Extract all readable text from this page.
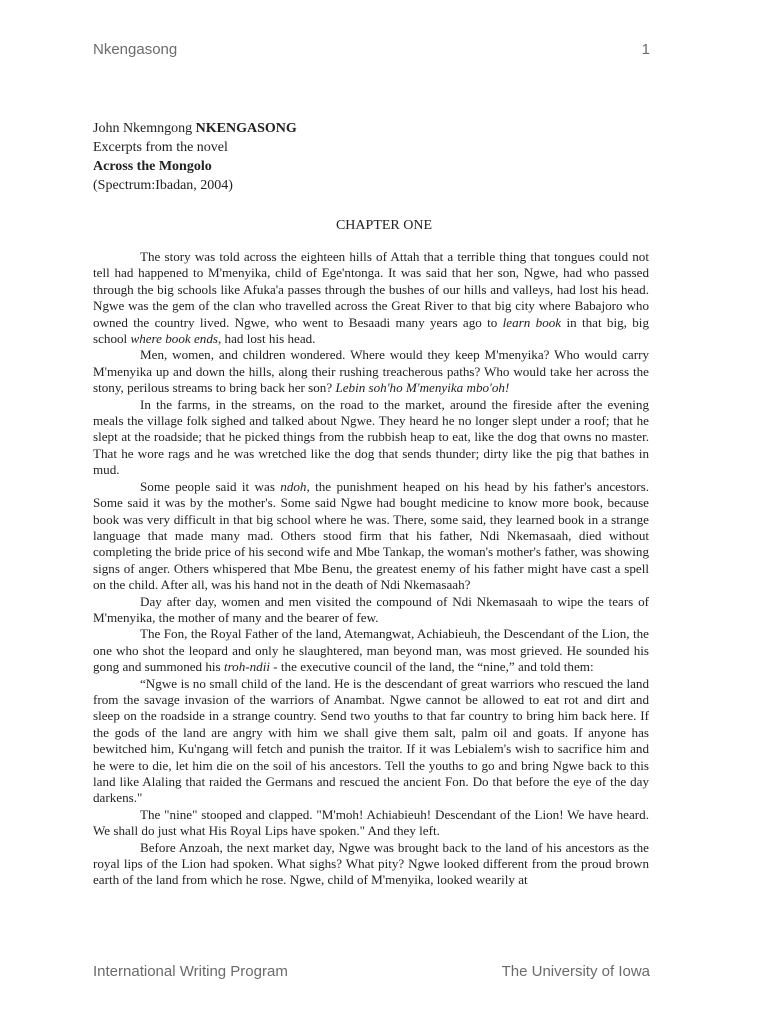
Nkengasong	1
John Nkemngong NKENGASONG
Excerpts from the novel
Across the Mongolo
(Spectrum:Ibadan, 2004)
CHAPTER ONE

The story was told across the eighteen hills of Attah that a terrible thing that tongues could not tell had happened to M'menyika, child of Ege'ntonga. It was said that her son, Ngwe, had who passed through the big schools like Afuka'a passes through the bushes of our hills and valleys, had lost his head. Ngwe was the gem of the clan who travelled across the Great River to that big city where Babajoro who owned the country lived. Ngwe, who went to Besaadi many years ago to learn book in that big, big school where book ends, had lost his head.

Men, women, and children wondered. Where would they keep M'menyika? Who would carry M'menyika up and down the hills, along their rushing treacherous paths? Who would take her across the stony, perilous streams to bring back her son? Lebin soh'ho M'menyika mbo'oh!

In the farms, in the streams, on the road to the market, around the fireside after the evening meals the village folk sighed and talked about Ngwe. They heard he no longer slept under a roof; that he slept at the roadside; that he picked things from the rubbish heap to eat, like the dog that owns no master. That he wore rags and he was wretched like the dog that sends thunder; dirty like the pig that bathes in mud.

Some people said it was ndoh, the punishment heaped on his head by his father's ancestors. Some said it was by the mother's. Some said Ngwe had bought medicine to know more book, because book was very difficult in that big school where he was. There, some said, they learned book in a strange language that made many mad. Others stood firm that his father, Ndi Nkemasaah, died without completing the bride price of his second wife and Mbe Tankap, the woman's mother's father, was showing signs of anger. Others whispered that Mbe Benu, the greatest enemy of his father might have cast a spell on the child. After all, was his hand not in the death of Ndi Nkemasaah?

Day after day, women and men visited the compound of Ndi Nkemasaah to wipe the tears of M'menyika, the mother of many and the bearer of few.

The Fon, the Royal Father of the land, Atemangwat, Achiabieuh, the Descendant of the Lion, the one who shot the leopard and only he slaughtered, man beyond man, was most grieved. He sounded his gong and summoned his troh-ndii - the executive council of the land, the “nine,” and told them:

“Ngwe is no small child of the land. He is the descendant of great warriors who rescued the land from the savage invasion of the warriors of Anambat. Ngwe cannot be allowed to eat rot and dirt and sleep on the roadside in a strange country. Send two youths to that far country to bring him back here. If the gods of the land are angry with him we shall give them salt, palm oil and goats. If anyone has bewitched him, Ku'ngang will fetch and punish the traitor. If it was Lebialem's wish to sacrifice him and he were to die, let him die on the soil of his ancestors. Tell the youths to go and bring Ngwe back to this land like Alaling that raided the Germans and rescued the ancient Fon. Do that before the eye of the day darkens."

The "nine" stooped and clapped. "M'moh! Achiabieuh! Descendant of the Lion! We have heard. We shall do just what His Royal Lips have spoken." And they left.

Before Anzoah, the next market day, Ngwe was brought back to the land of his ancestors as the royal lips of the Lion had spoken. What sighs? What pity? Ngwe looked different from the proud brown earth of the land from which he rose. Ngwe, child of M'menyika, looked wearily at

International Writing Program	The University of Iowa
